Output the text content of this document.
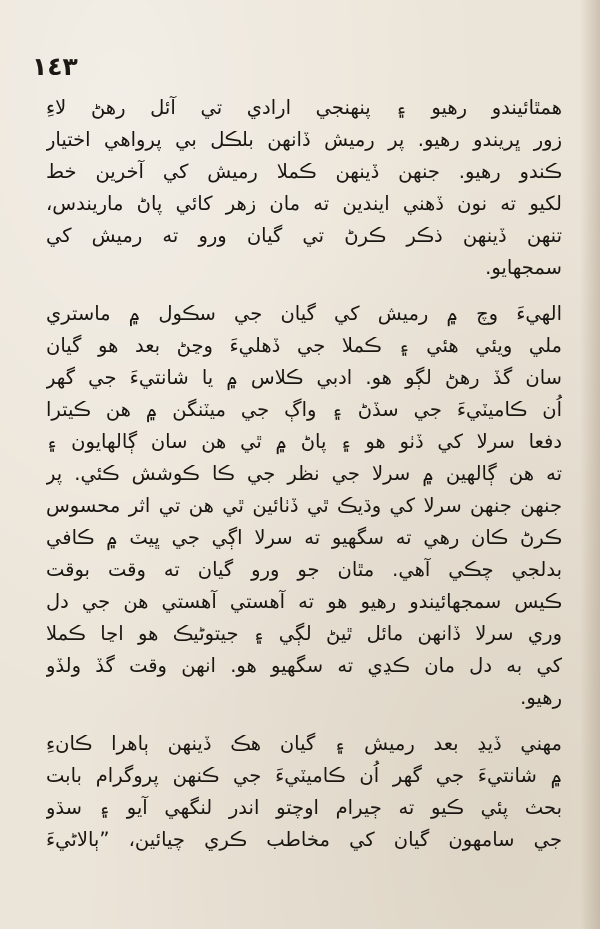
١٤٣
همٿائيندو رهيو ۽ پنهنجي ارادي تي آئل رهڻ لاءِ
زور ڀريندو رهيو. پر رميش ڏانهن بلڪل بي پرواهي اختيار
ڪندو رهيو. جنهن ڏينهن ڪملا رميش کي آخرين خط
لکيو ته نون ڏهني ايندين ته مان زهر کائي پاڻ ماريندس،
تنهن ڏينهن ذڪر ڪرڻ تي گيان ورو ته رميش کي
سمجهايو.
الهيءَ وچ ۾ رميش کي گيان جي سڪول ۾ ماستري
ملي ويئي هئي ۽ ڪملا جي ڏهليءَ وڃڻ بعد هو گيان
سان گڏ رهڻ لڳو هو. ادبي ڪلاس ۾ يا شانتيءَ جي گهر
اُن ڪاميٽيءَ جي سڏڻ ۽ واڳ جي ميٽنگن ۾ هن ڪيترا
دفعا سرلا کي ڏٺو هو ۽ پاڻ ۾ ٿي هن سان ڳالهايون ۽
ته هن ڳالهين ۾ سرلا جي نظر جي ڪا ڪوشش ڪئي. پر
جنهن جنهن سرلا کي وڌيڪ ٿي ڏٺائين ٿي هن تي اثر محسوس
ڪرڻ ڪان رهي ته سگهيو ته سرلا اڳي جي ڀيٽ ۾ ڪافي
بدلجي چڪي آهي. مٿان جو ورو گيان ته وقت بوقت
ڪيس سمجهائيندو رهيو هو ته آهستي آهستي هن جي دل
وري سرلا ڏانهن مائل ٿيڻ لڳي ۽ جيتوڻيڪ هو اڃا ڪملا
کي به دل مان ڪڍي ته سگهيو هو. انهن وقت گڏ ولڏو
رهيو.
مهني ڏيڍ بعد رميش ۽ گيان هڪ ڏينهن ٻاهرا ڪانءِ
۾ شانتيءَ جي گهر اُن ڪاميٽيءَ جي ڪنهن پروگرام بابت
بحث پئي ڪيو ته ڄيرام اوچتو اندر لنگهي آيو ۽ سڌو
جي سامهون گيان کي مخاطب ڪري چيائين، ”ٻالاڻيءَ
